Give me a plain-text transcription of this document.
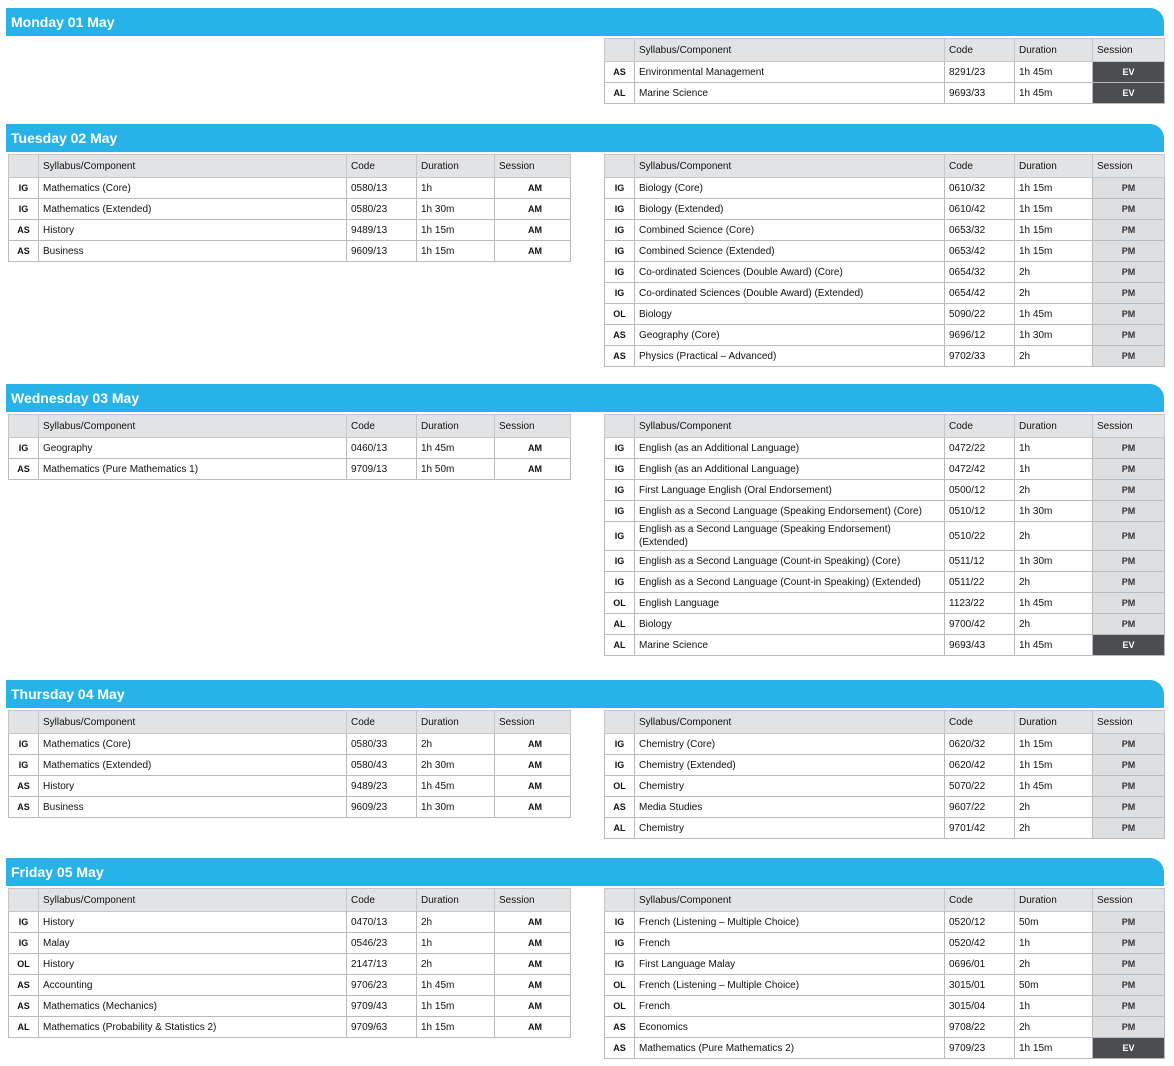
Monday 01 May
	Syllabus/Component	Code	Duration	Session
AS	Environmental Management	8291/23	1h 45m	EV
AL	Marine Science	9693/33	1h 45m	EV
Tuesday 02 May
	Syllabus/Component	Code	Duration	Session
IG	Mathematics (Core)	0580/13	1h	AM
IG	Mathematics (Extended)	0580/23	1h 30m	AM
AS	History	9489/13	1h 15m	AM
AS	Business	9609/13	1h 15m	AM
	Syllabus/Component	Code	Duration	Session
IG	Biology (Core)	0610/32	1h 15m	PM
IG	Biology (Extended)	0610/42	1h 15m	PM
IG	Combined Science (Core)	0653/32	1h 15m	PM
IG	Combined Science (Extended)	0653/42	1h 15m	PM
IG	Co-ordinated Sciences (Double Award) (Core)	0654/32	2h	PM
IG	Co-ordinated Sciences (Double Award) (Extended)	0654/42	2h	PM
OL	Biology	5090/22	1h 45m	PM
AS	Geography (Core)	9696/12	1h 30m	PM
AS	Physics (Practical – Advanced)	9702/33	2h	PM
Wednesday 03 May
	Syllabus/Component	Code	Duration	Session
IG	Geography	0460/13	1h 45m	AM
AS	Mathematics (Pure Mathematics 1)	9709/13	1h 50m	AM
	Syllabus/Component	Code	Duration	Session
IG	English (as an Additional Language)	0472/22	1h	PM
IG	English (as an Additional Language)	0472/42	1h	PM
IG	First Language English (Oral Endorsement)	0500/12	2h	PM
IG	English as a Second Language (Speaking Endorsement) (Core)	0510/12	1h 30m	PM
IG	English as a Second Language (Speaking Endorsement) (Extended)	0510/22	2h	PM
IG	English as a Second Language (Count-in Speaking) (Core)	0511/12	1h 30m	PM
IG	English as a Second Language (Count-in Speaking) (Extended)	0511/22	2h	PM
OL	English Language	1123/22	1h 45m	PM
AL	Biology	9700/42	2h	PM
AL	Marine Science	9693/43	1h 45m	EV
Thursday 04 May
	Syllabus/Component	Code	Duration	Session
IG	Mathematics (Core)	0580/33	2h	AM
IG	Mathematics (Extended)	0580/43	2h 30m	AM
AS	History	9489/23	1h 45m	AM
AS	Business	9609/23	1h 30m	AM
	Syllabus/Component	Code	Duration	Session
IG	Chemistry (Core)	0620/32	1h 15m	PM
IG	Chemistry (Extended)	0620/42	1h 15m	PM
OL	Chemistry	5070/22	1h 45m	PM
AS	Media Studies	9607/22	2h	PM
AL	Chemistry	9701/42	2h	PM
Friday 05 May
	Syllabus/Component	Code	Duration	Session
IG	History	0470/13	2h	AM
IG	Malay	0546/23	1h	AM
OL	History	2147/13	2h	AM
AS	Accounting	9706/23	1h 45m	AM
AS	Mathematics (Mechanics)	9709/43	1h 15m	AM
AL	Mathematics (Probability & Statistics 2)	9709/63	1h 15m	AM
	Syllabus/Component	Code	Duration	Session
IG	French (Listening – Multiple Choice)	0520/12	50m	PM
IG	French	0520/42	1h	PM
IG	First Language Malay	0696/01	2h	PM
OL	French (Listening – Multiple Choice)	3015/01	50m	PM
OL	French	3015/04	1h	PM
AS	Economics	9708/22	2h	PM
AS	Mathematics (Pure Mathematics 2)	9709/23	1h 15m	EV
